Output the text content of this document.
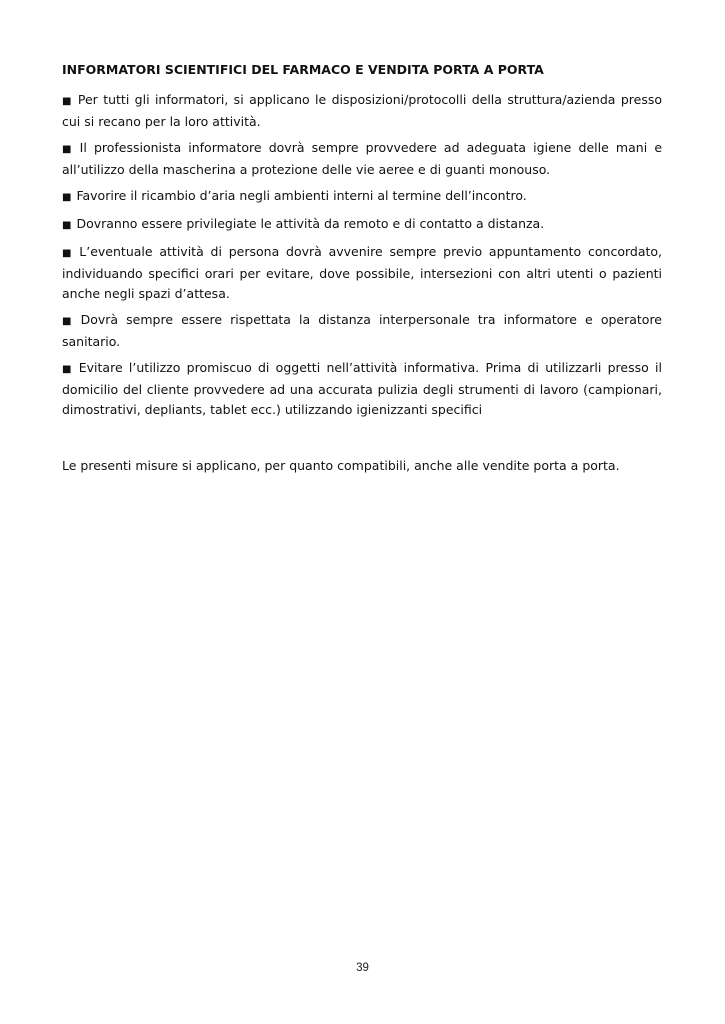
INFORMATORI SCIENTIFICI DEL FARMACO E VENDITA PORTA A PORTA

■ Per tutti gli informatori, si applicano le disposizioni/protocolli della struttura/azienda presso cui si recano per la loro attività.

■ Il professionista informatore dovrà sempre provvedere ad adeguata igiene delle mani e all’utilizzo della mascherina a protezione delle vie aeree e di guanti monouso.

■ Favorire il ricambio d’aria negli ambienti interni al termine dell’incontro.

■ Dovranno essere privilegiate le attività da remoto e di contatto a distanza.

■ L’eventuale attività di persona dovrà avvenire sempre previo appuntamento concordato, individuando specifici orari per evitare, dove possibile, intersezioni con altri utenti o pazienti anche negli spazi d’attesa.

■ Dovrà sempre essere rispettata la distanza interpersonale tra informatore e operatore sanitario.

■ Evitare l’utilizzo promiscuo di oggetti nell’attività informativa. Prima di utilizzarli presso il domicilio del cliente provvedere ad una accurata pulizia degli strumenti di lavoro (campionari, dimostrativi, depliants, tablet ecc.) utilizzando igienizzanti specifici

Le presenti misure si applicano, per quanto compatibili, anche alle vendite porta a porta.

39
